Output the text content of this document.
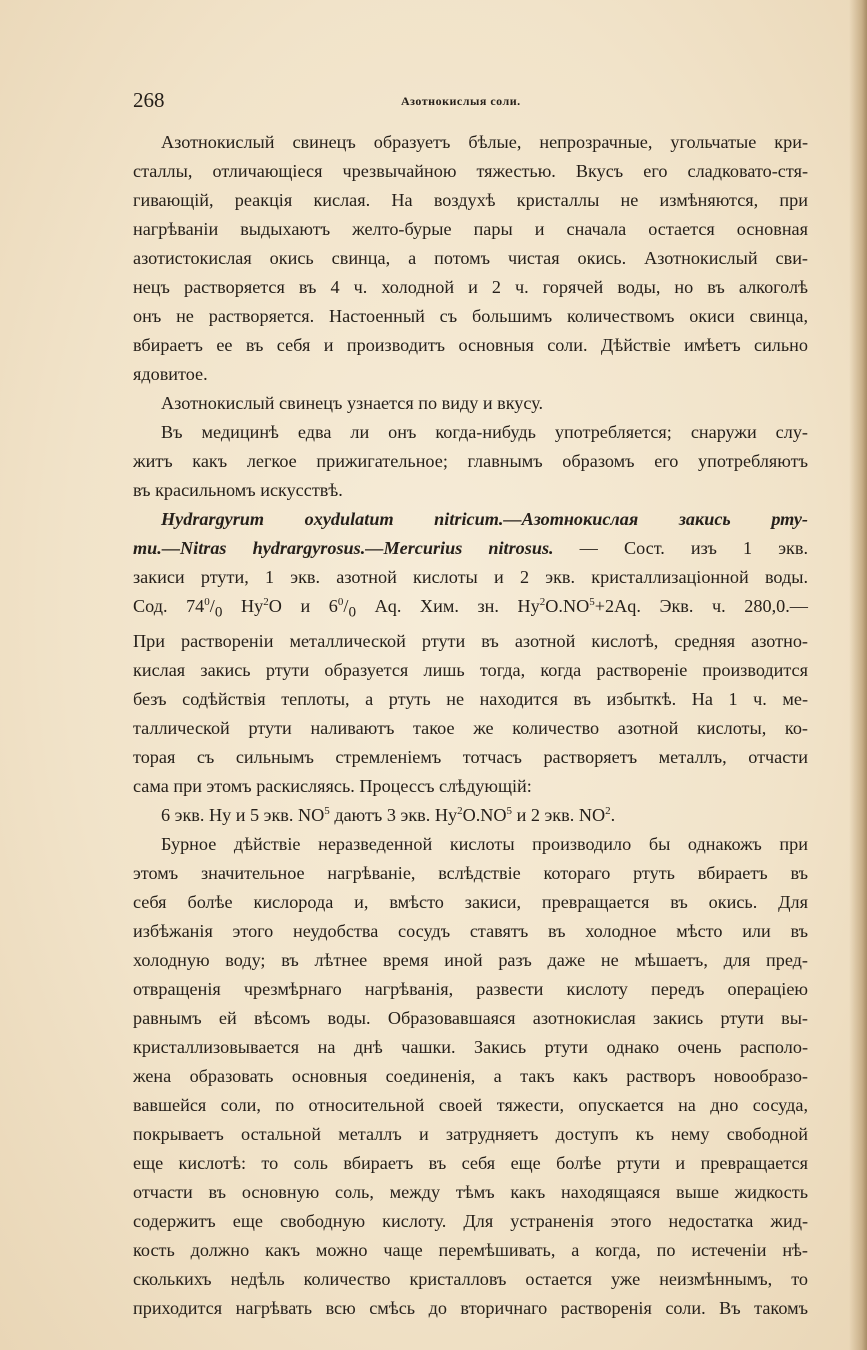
268	Азотнокислыя соли.

Азотнокислый свинецъ образуетъ бѣлые, непрозрачные, угольчатые кри-

сталлы, отличающіеся чрезвычайною тяжестью. Вкусъ его сладковато-стя-

гивающій, реакція кислая. На воздухѣ кристаллы не измѣняются, при

нагрѣваніи выдыхаютъ желто-бурые пары и сначала остается основная

азотистокислая окись свинца, а потомъ чистая окись. Азотнокислый сви-

нецъ растворяется въ 4 ч. холодной и 2 ч. горячей воды, но въ алкоголѣ

онъ не растворяется. Настоенный съ большимъ количествомъ окиси свинца,

вбираетъ ее въ себя и производитъ основныя соли. Дѣйствіе имѣетъ сильно

ядовитое.

Азотнокислый свинецъ узнается по виду и вкусу.

Въ медицинѣ едва ли онъ когда-нибудь употребляется; снаружи слу-

житъ какъ легкое прижигательное; главнымъ образомъ его употребляютъ

въ красильномъ искусствѣ.

Hydrargyrum oxydulatum nitricum.—Азотнокислая закись рту-

ти.—Nitras hydrargyrosus.—Mercurius nitrosus. — Сост. изъ 1 экв.

закиси ртути, 1 экв. азотной кислоты и 2 экв. кристаллизаціонной воды.

Сод. $74^0/_0$ Hy$^2$O и $6^0/_0$ Aq. Хим. зн. $Hy^2O.NO^5+2Aq$. Экв. ч. 280,0.—

При раствореніи металлической ртути въ азотной кислотѣ, средняя азотно-

кислая закись ртути образуется лишь тогда, когда раствореніе производится

безъ содѣйствія теплоты, а ртуть не находится въ избыткѣ. На 1 ч. ме-

таллической ртути наливаютъ такое же количество азотной кислоты, ко-

торая съ сильнымъ стремленіемъ тотчасъ растворяетъ металлъ, отчасти

сама при этомъ раскисляясь. Процессъ слѣдующій:

6 экв. Hy и 5 экв. $NO^5$ даютъ 3 экв. $Hy^2O.NO^5$ и 2 экв. $NO^2$.

Бурное дѣйствіе неразведенной кислоты производило бы однакожъ при

этомъ значительное нагрѣваніе, вслѣдствіе котораго ртуть вбираетъ въ

себя болѣе кислорода и, вмѣсто закиси, превращается въ окись. Для

избѣжанія этого неудобства сосудъ ставятъ въ холодное мѣсто или въ

холодную воду; въ лѣтнее время иной разъ даже не мѣшаетъ, для пред-

отвращенія чрезмѣрнаго нагрѣванія, развести кислоту передъ операціею

равнымъ ей вѣсомъ воды. Образовавшаяся азотнокислая закись ртути вы-

кристаллизовывается на днѣ чашки. Закись ртути однако очень располо-

жена образовать основныя соединенія, а такъ какъ растворъ новообразо-

вавшейся соли, по относительной своей тяжести, опускается на дно сосуда,

покрываетъ остальной металлъ и затрудняетъ доступъ къ нему свободной

еще кислотѣ: то соль вбираетъ въ себя еще болѣе ртути и превращается

отчасти въ основную соль, между тѣмъ какъ находящаяся выше жидкость

содержитъ еще свободную кислоту. Для устраненія этого недостатка жид-

кость должно какъ можно чаще перемѣшивать, а когда, по истеченіи нѣ-

сколькихъ недѣль количество кристалловъ остается уже неизмѣннымъ, то

приходится нагрѣвать всю смѣсь до вторичнаго растворенія соли. Въ такомъ
